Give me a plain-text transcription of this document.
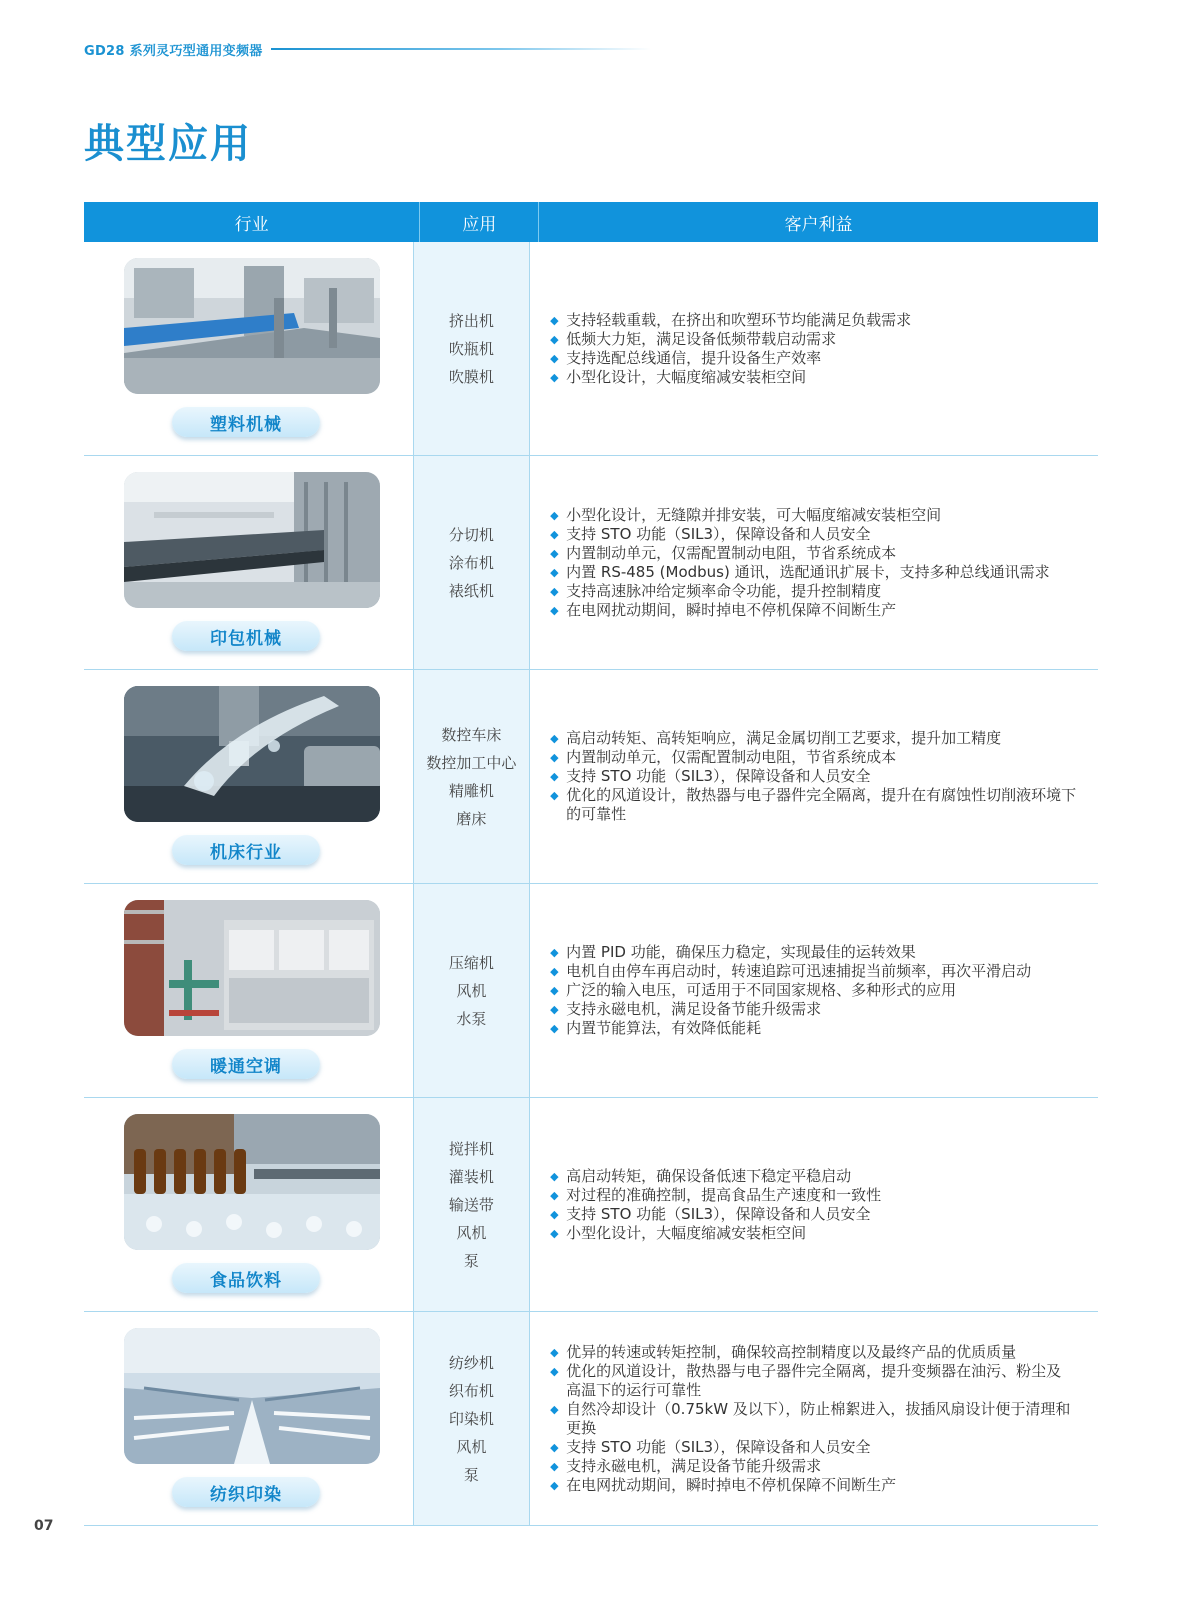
GD28 系列灵巧型通用变频器
典型应用
行业	应用	客户利益
塑料机械
挤出机
吹瓶机
吹膜机
◆ 支持轻载重载，在挤出和吹塑环节均能满足负载需求
◆ 低频大力矩，满足设备低频带载启动需求
◆ 支持选配总线通信，提升设备生产效率
◆ 小型化设计，大幅度缩减安装柜空间
印包机械
分切机
涂布机
裱纸机
◆ 小型化设计，无缝隙并排安装，可大幅度缩减安装柜空间
◆ 支持 STO 功能（SIL3），保障设备和人员安全
◆ 内置制动单元，仅需配置制动电阻，节省系统成本
◆ 内置 RS-485 (Modbus) 通讯，选配通讯扩展卡，支持多种总线通讯需求
◆ 支持高速脉冲给定频率命令功能，提升控制精度
◆ 在电网扰动期间，瞬时掉电不停机保障不间断生产
机床行业
数控车床
数控加工中心
精雕机
磨床
◆ 高启动转矩、高转矩响应，满足金属切削工艺要求，提升加工精度
◆ 内置制动单元，仅需配置制动电阻，节省系统成本
◆ 支持 STO 功能（SIL3），保障设备和人员安全
◆ 优化的风道设计，散热器与电子器件完全隔离，提升在有腐蚀性切削液环境下的可靠性
暖通空调
压缩机
风机
水泵
◆ 内置 PID 功能，确保压力稳定，实现最佳的运转效果
◆ 电机自由停车再启动时，转速追踪可迅速捕捉当前频率，再次平滑启动
◆ 广泛的输入电压，可适用于不同国家规格、多种形式的应用
◆ 支持永磁电机，满足设备节能升级需求
◆ 内置节能算法，有效降低能耗
食品饮料
搅拌机
灌装机
输送带
风机
泵
◆ 高启动转矩，确保设备低速下稳定平稳启动
◆ 对过程的准确控制，提高食品生产速度和一致性
◆ 支持 STO 功能（SIL3），保障设备和人员安全
◆ 小型化设计，大幅度缩减安装柜空间
纺织印染
纺纱机
织布机
印染机
风机
泵
◆ 优异的转速或转矩控制，确保较高控制精度以及最终产品的优质质量
◆ 优化的风道设计，散热器与电子器件完全隔离，提升变频器在油污、粉尘及 高温下的运行可靠性
◆ 自然冷却设计（0.75kW 及以下），防止棉絮进入，拔插风扇设计便于清理和更换
◆ 支持 STO 功能（SIL3），保障设备和人员安全
◆ 支持永磁电机，满足设备节能升级需求
◆ 在电网扰动期间，瞬时掉电不停机保障不间断生产
07
